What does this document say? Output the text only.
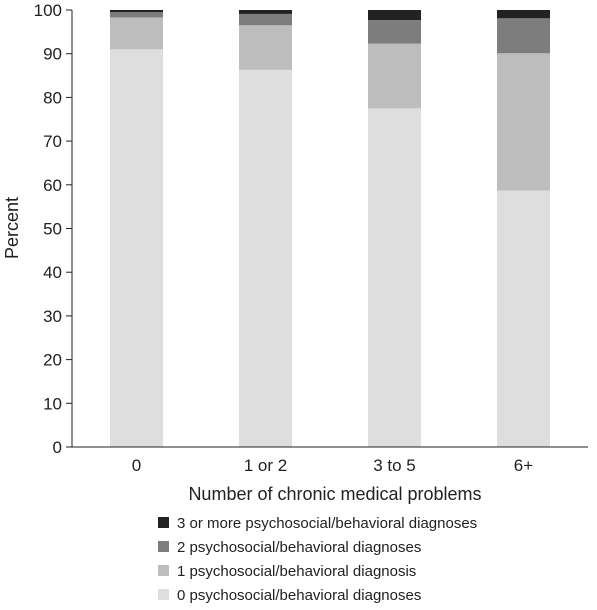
0
10
20
30
40
50
60
70
80
90
100
0	1 or 2	3 to 5	6+
Percent
Number of chronic medical problems
3 or more psychosocial/behavioral diagnoses
2 psychosocial/behavioral diagnoses
1 psychosocial/behavioral diagnosis
0 psychosocial/behavioral diagnoses
